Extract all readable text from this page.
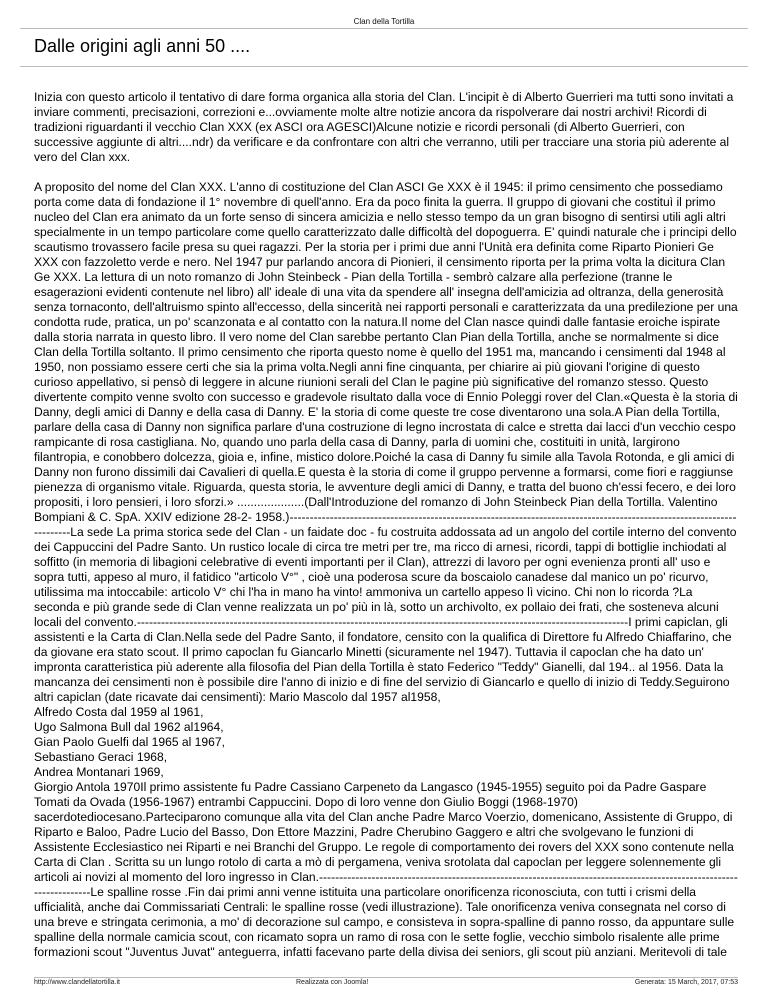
Clan della Tortilla
Dalle origini agli anni 50 ....

Inizia con questo articolo il tentativo di dare forma organica alla storia del Clan. L'incipit è di Alberto Guerrieri ma tutti sono invitati a inviare commenti, precisazioni, correzioni e...ovviamente molte altre notizie ancora da rispolverare dai nostri archivi! Ricordi di tradizioni riguardanti il vecchio Clan XXX (ex ASCI ora AGESCI)Alcune notizie e ricordi personali (di Alberto Guerrieri, con successive aggiunte di altri....ndr) da verificare e da confrontare con altri che verranno, utili per tracciare una storia più aderente al vero del Clan xxx.

A proposito del nome del Clan XXX. L'anno di costituzione del Clan ASCI Ge XXX è il 1945: il primo censimento che possediamo porta come data di fondazione il 1° novembre di quell'anno. Era da poco finita la guerra. Il gruppo di giovani che costituì il primo nucleo del Clan era animato da un forte senso di sincera amicizia e nello stesso tempo da un gran bisogno di sentirsi utili agli altri specialmente in un tempo particolare come quello caratterizzato dalle difficoltà del dopoguerra. E' quindi naturale che i principi dello scautismo trovassero facile presa su quei ragazzi. Per la storia per i primi due anni l'Unità era definita come Riparto Pionieri Ge XXX con fazzoletto verde e nero. Nel 1947 pur parlando ancora di Pionieri, il censimento riporta per la prima volta la dicitura Clan Ge XXX. La lettura di un noto romanzo di John Steinbeck - Pian della Tortilla - sembrò calzare alla perfezione (tranne le esagerazioni evidenti contenute nel libro) all' ideale di una vita da spendere all' insegna dell'amicizia ad oltranza, della generosità senza tornaconto, dell'altruismo spinto all'eccesso, della sincerità nei rapporti personali e caratterizzata da una predilezione per una condotta rude, pratica, un po' scanzonata e al contatto con la natura.Il nome del Clan nasce quindi dalle fantasie eroiche ispirate dalla storia narrata in questo libro. Il vero nome del Clan sarebbe pertanto Clan Pian della Tortilla, anche se normalmente si dice Clan della Tortilla soltanto. Il primo censimento che riporta questo nome è quello del 1951 ma, mancando i censimenti dal 1948 al 1950, non possiamo essere certi che sia la prima volta.Negli anni fine cinquanta, per chiarire ai più giovani l'origine di questo curioso appellativo, si pensò di leggere in alcune riunioni serali del Clan le pagine più significative del romanzo stesso. Questo divertente compito venne svolto con successo e gradevole risultato dalla voce di Ennio Poleggi rover del Clan.«Questa è la storia di Danny, degli amici di Danny e della casa di Danny. E' la storia di come queste tre cose diventarono una sola.A Pian della Tortilla, parlare della casa di Danny non significa parlare d'una costruzione di legno incrostata di calce e stretta dai lacci d'un vecchio cespo rampicante di rosa castigliana. No, quando uno parla della casa di Danny, parla di uomini che, costituiti in unità, largirono filantropia, e conobbero dolcezza, gioia e, infine, mistico dolore.Poiché la casa di Danny fu simile alla Tavola Rotonda, e gli amici di Danny non furono dissimili dai Cavalieri di quella.E questa è la storia di come il gruppo pervenne a formarsi, come fiori e raggiunse pienezza di organismo vitale. Riguarda, questa storia, le avventure degli amici di Danny, e tratta del buono ch'essi fecero, e dei loro propositi, i loro pensieri, i loro sforzi.» ....................(Dall'Introduzione del romanzo di John Steinbeck Pian della Tortilla. Valentino Bompiani & C. SpA. XXIV edizione 28-2- 1958.)------------------------------------------------------------------------------------------------------------------------La sede La prima storica sede del Clan - un faidate doc - fu costruita addossata ad un angolo del cortile interno del convento dei Cappuccini del Padre Santo. Un rustico locale di circa tre metri per tre, ma ricco di arnesi, ricordi, tappi di bottiglie inchiodati al soffitto (in memoria di libagioni celebrative di eventi importanti per il Clan), attrezzi di lavoro per ogni evenienza pronti all' uso e sopra tutti, appeso al muro, il fatidico "articolo V°" , cioè una poderosa scure da boscaiolo canadese dal manico un po' ricurvo, utilissima ma intoccabile: articolo V° chi l'ha in mano ha vinto! ammoniva un cartello appeso lì vicino. Chi non lo ricorda ?La seconda e più grande sede di Clan venne realizzata un po' più in là, sotto un archivolto, ex pollaio dei frati, che sosteneva alcuni locali del convento.--------------------------------------------------------------------------------------------------------------------------I primi capiclan, gli assistenti e la Carta di Clan.Nella sede del Padre Santo, il fondatore, censito con la qualifica di Direttore fu Alfredo Chiaffarino, che da giovane era stato scout. Il primo capoclan fu Giancarlo Minetti (sicuramente nel 1947). Tuttavia il capoclan che ha dato un' impronta caratteristica più aderente alla filosofia del Pian della Tortilla è stato Federico "Teddy" Gianelli, dal 194.. al 1956. Data la mancanza dei censimenti non è possibile dire l'anno di inizio e di fine del servizio di Giancarlo e quello di inizio di Teddy.Seguirono altri capiclan (date ricavate dai censimenti): Mario Mascolo dal 1957 al1958,

Alfredo Costa dal 1959 al 1961,

Ugo Salmona Bull dal 1962 al1964,

Gian Paolo Guelfi dal 1965 al 1967,

Sebastiano Geraci 1968,

Andrea Montanari 1969,

Giorgio Antola 1970Il primo assistente fu Padre Cassiano Carpeneto da Langasco (1945-1955) seguito poi da Padre Gaspare Tomati da Ovada (1956-1967) entrambi Cappuccini. Dopo di loro venne don Giulio Boggi (1968-1970) sacerdotediocesano.Parteciparono comunque alla vita del Clan anche Padre Marco Voerzio, domenicano, Assistente di Gruppo, di Riparto e Baloo, Padre Lucio del Basso, Don Ettore Mazzini, Padre Cherubino Gaggero e altri che svolgevano le funzioni di Assistente Ecclesiastico nei Riparti e nei Branchi del Gruppo. Le regole di comportamento dei rovers del XXX sono contenute nella Carta di Clan . Scritta su un lungo rotolo di carta a mò di pergamena, veniva srotolata dal capoclan per leggere solennemente gli articoli ai novizi al momento del loro ingresso in Clan.----------------------------------------------------------------------------------------------------------------------Le spalline rosse .Fin dai primi anni venne istituita una particolare onorificenza riconosciuta, con tutti i crismi della ufficialità, anche dai Commissariati Centrali: le spalline rosse (vedi illustrazione). Tale onorificenza veniva consegnata nel corso di una breve e stringata cerimonia, a mo' di decorazione sul campo, e consisteva in sopra-spalline di panno rosso, da appuntare sulle spalline della normale camicia scout, con ricamato sopra un ramo di rosa con le sette foglie, vecchio simbolo risalente alle prime formazioni scout "Juventus Juvat" anteguerra, infatti facevano parte della divisa dei seniors, gli scout più anziani. Meritevoli di tale

http://www.clandellatortilla.it	Realizzata con Joomla!	Generata: 15 March, 2017, 07:53
